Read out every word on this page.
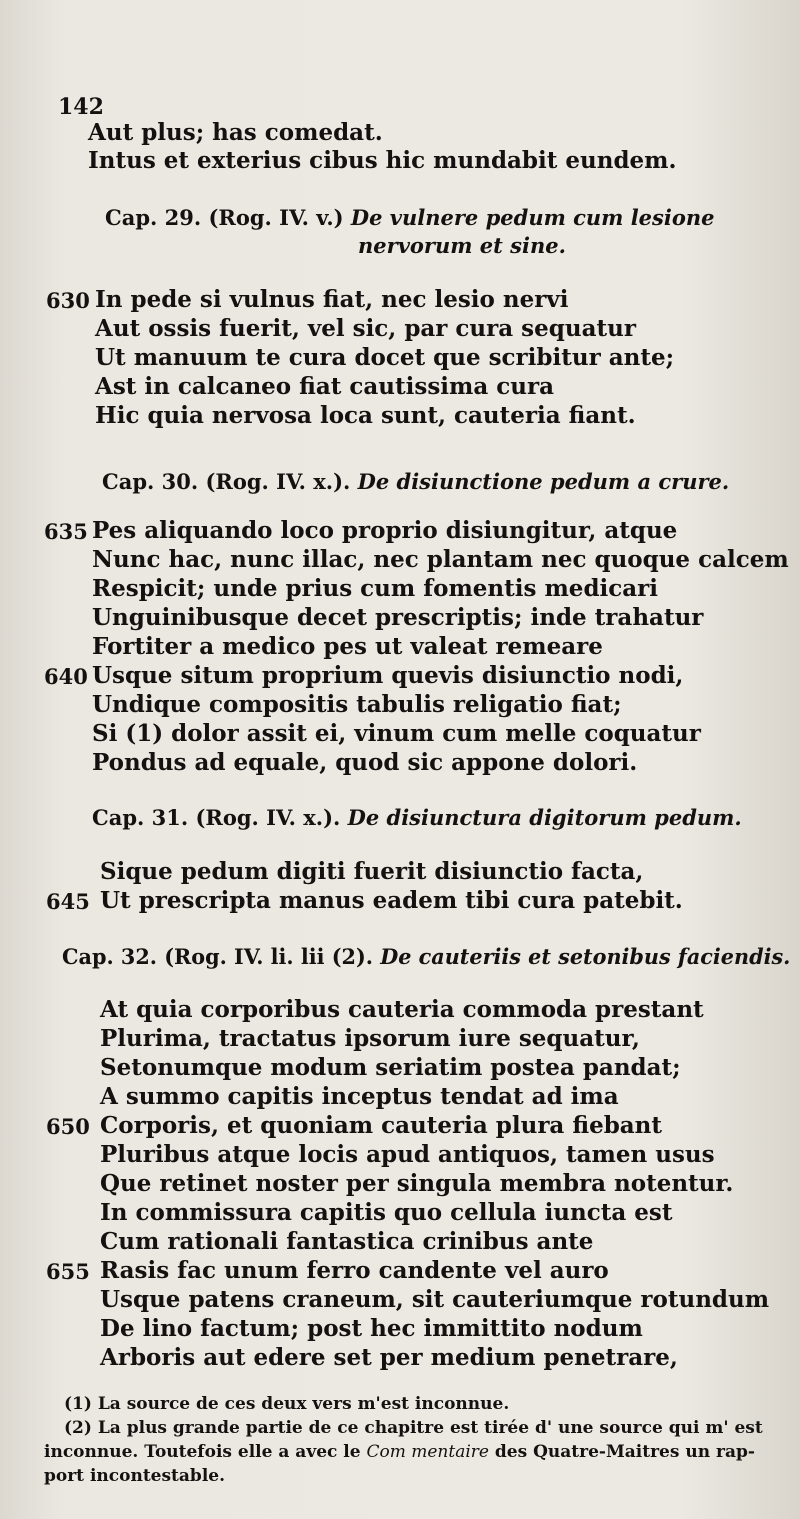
142
Aut plus; has comedat.
Intus et exterius cibus hic mundabit eundem.
Cap. 29. (Rog. IV. v.) De vulnere pedum cum lesione
nervorum et sine.
630 In pede si vulnus fiat, nec lesio nervi
Aut ossis fuerit, vel sic, par cura sequatur
Ut manuum te cura docet que scribitur ante;
Ast in calcaneo fiat cautissima cura
Hic quia nervosa loca sunt, cauteria fiant.
Cap. 30. (Rog. IV. x.). De disiunctione pedum a crure.
635 Pes aliquando loco proprio disiungitur, atque
Nunc hac, nunc illac, nec plantam nec quoque calcem
Respicit; unde prius cum fomentis medicari
Unguinibusque decet prescriptis; inde trahatur
Fortiter a medico pes ut valeat remeare
640 Usque situm proprium quevis disiunctio nodi,
Undique compositis tabulis religatio fiat;
Si (1) dolor assit ei, vinum cum melle coquatur
Pondus ad equale, quod sic appone dolori.
Cap. 31. (Rog. IV. x.). De disiunctura digitorum pedum.
Sique pedum digiti fuerit disiunctio facta,
645 Ut prescripta manus eadem tibi cura patebit.
Cap. 32. (Rog. IV. li. lii (2). De cauteriis et setonibus faciendis.
At quia corporibus cauteria commoda prestant
Plurima, tractatus ipsorum iure sequatur,
Setonumque modum seriatim postea pandat;
A summo capitis inceptus tendat ad ima
650 Corporis, et quoniam cauteria plura fiebant
Pluribus atque locis apud antiquos, tamen usus
Que retinet noster per singula membra notentur.
In commissura capitis quo cellula iuncta est
Cum rationali fantastica crinibus ante
655 Rasis fac unum ferro candente vel auro
Usque patens craneum, sit cauteriumque rotundum
De lino factum; post hec immittito nodum
Arboris aut edere set per medium penetrare,
(1) La source de ces deux vers m'est inconnue.
(2) La plus grande partie de ce chapitre est tirée d' une source qui m' est
inconnue. Toutefois elle a avec le Com mentaire des Quatre-Maitres un rap-
port incontestable.
